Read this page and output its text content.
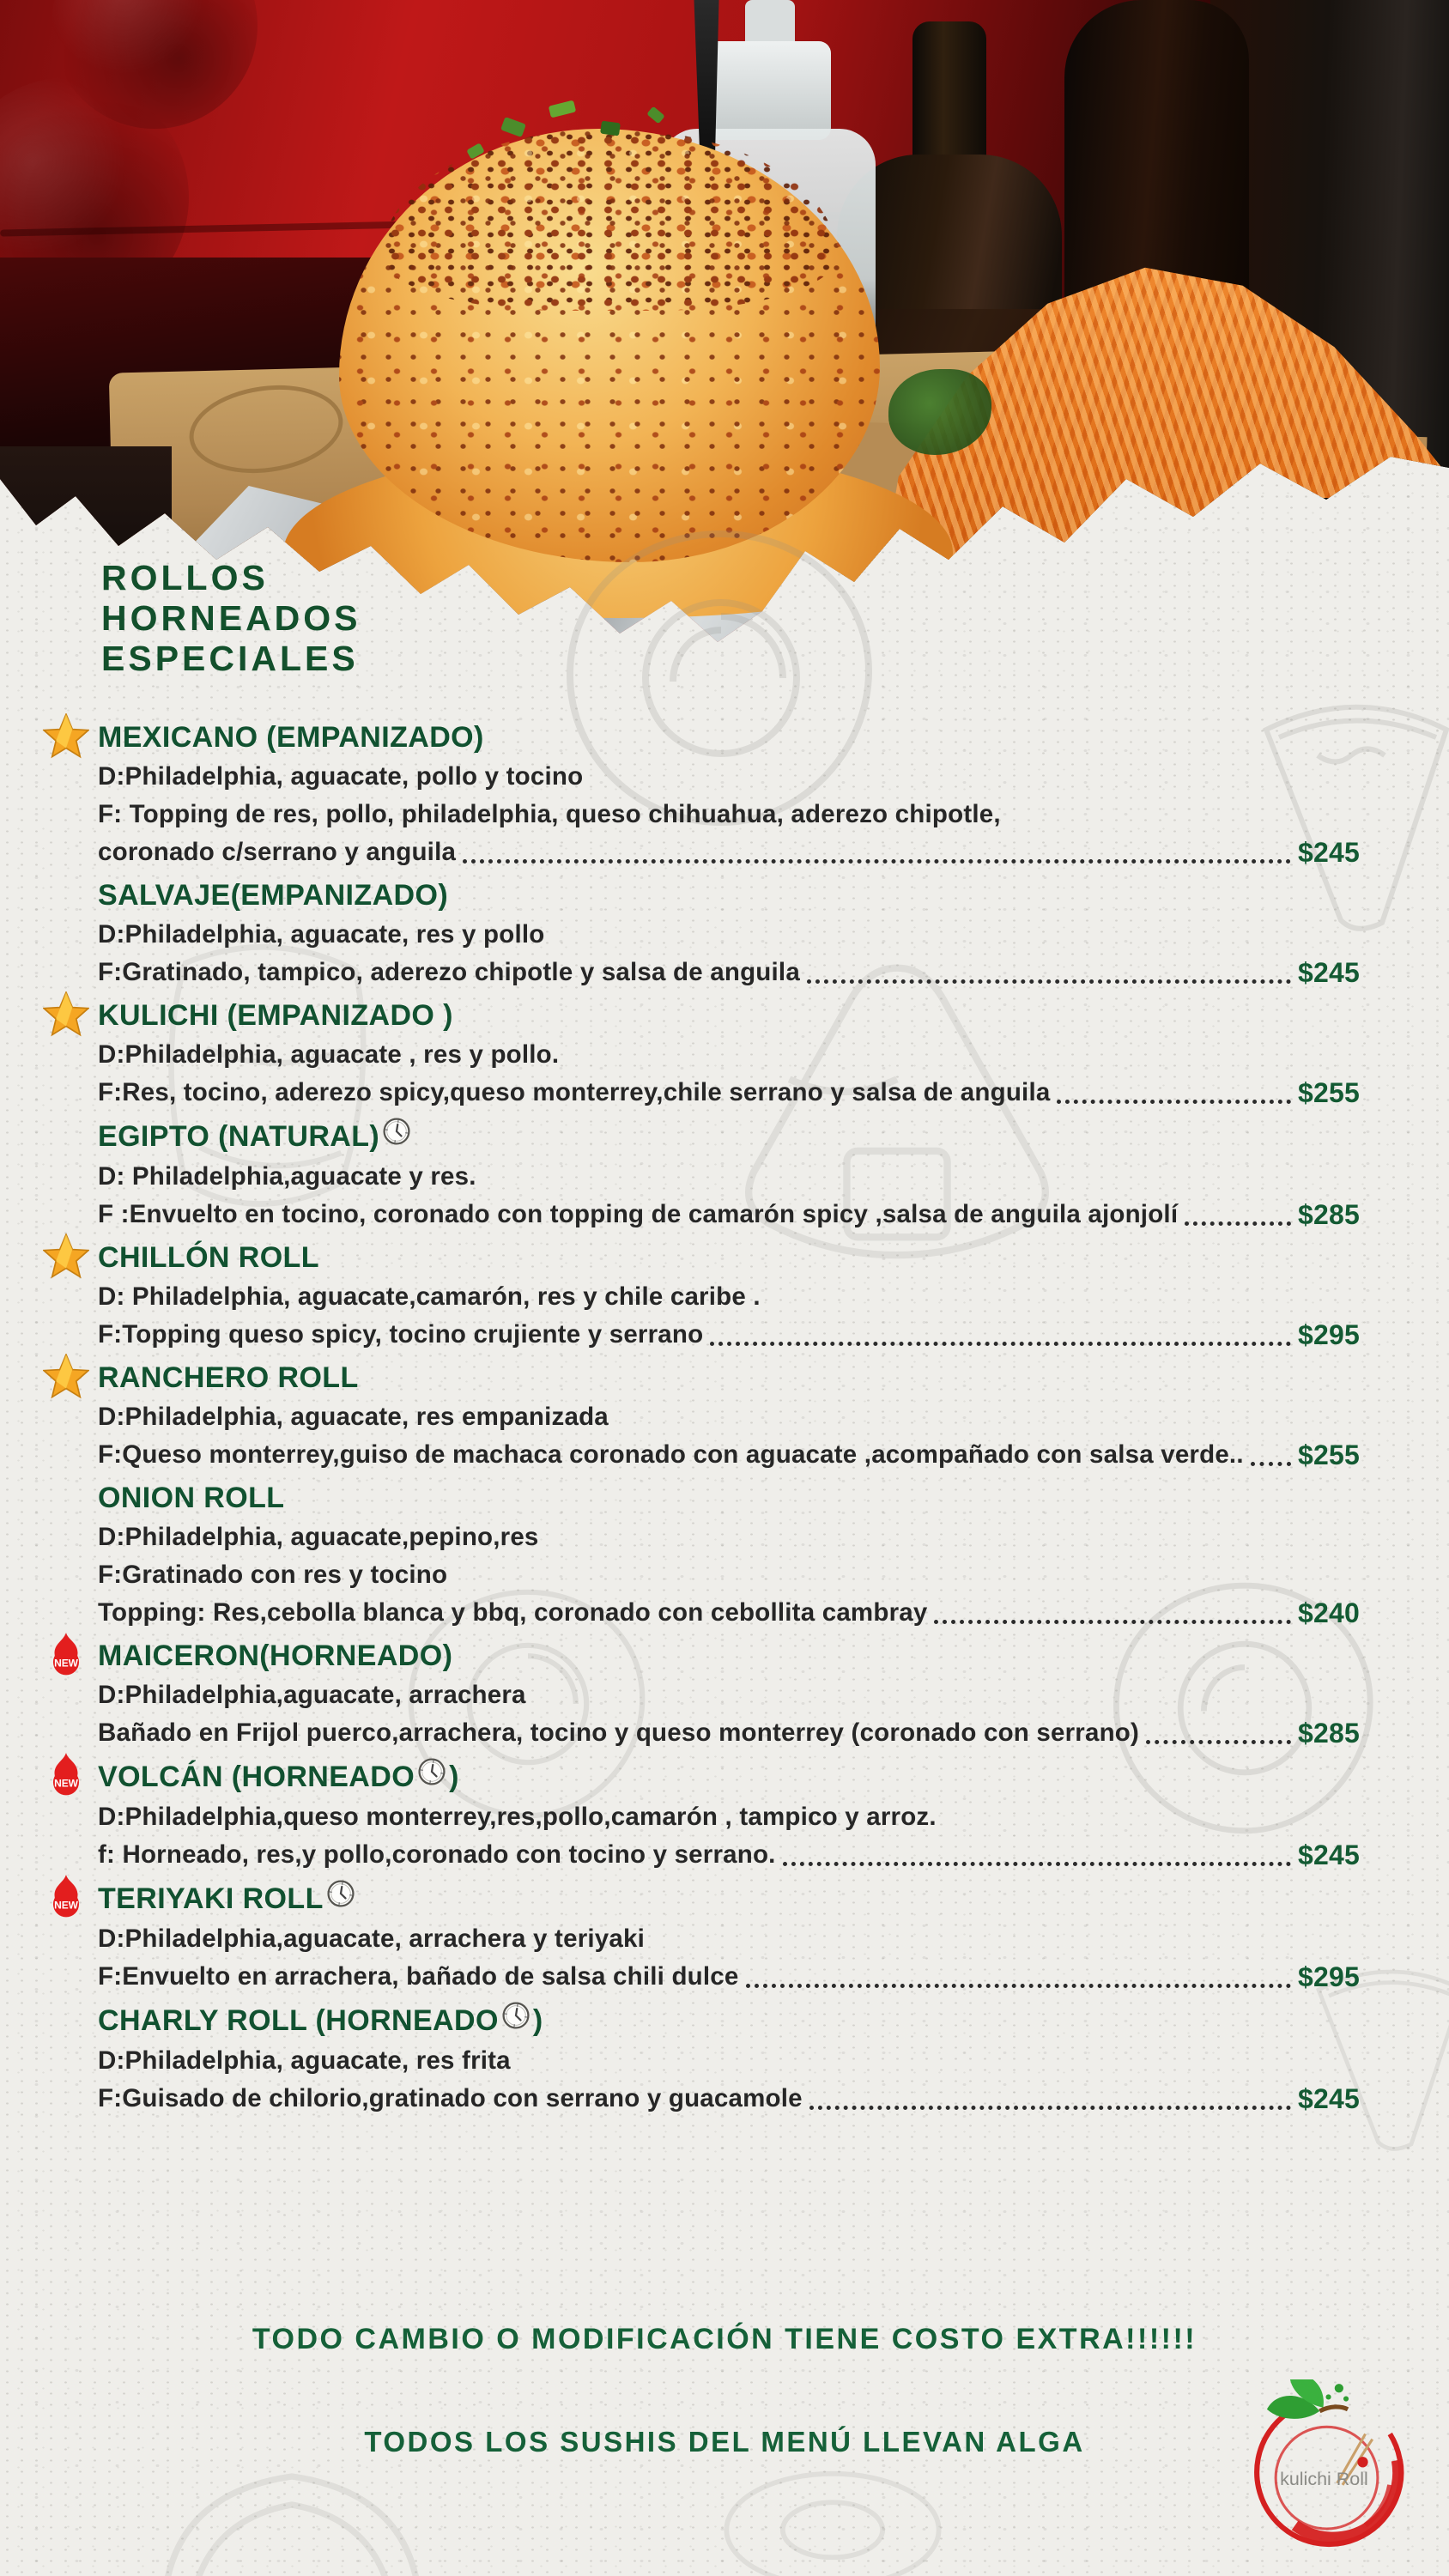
ROLLOS
HORNEADOS
ESPECIALES
MEXICANO (EMPANIZADO)
D:Philadelphia, aguacate, pollo y tocino
F: Topping de res, pollo, philadelphia, queso chihuahua, aderezo chipotle,
coronado c/serrano y anguila	$245
SALVAJE(EMPANIZADO)
D:Philadelphia, aguacate, res y pollo
F:Gratinado, tampico, aderezo chipotle y salsa de anguila	$245
KULICHI (EMPANIZADO )
D:Philadelphia, aguacate , res y pollo.
F:Res, tocino, aderezo spicy,queso monterrey,chile serrano y salsa de anguila	$255
EGIPTO (NATURAL)
D: Philadelphia,aguacate y res.
F :Envuelto en tocino, coronado con topping de camarón spicy ,salsa de anguila ajonjolí	$285
CHILLÓN ROLL
D: Philadelphia, aguacate,camarón, res y chile caribe .
F:Topping queso spicy, tocino crujiente y serrano	$295
RANCHERO ROLL
D:Philadelphia, aguacate, res empanizada
F:Queso monterrey,guiso de machaca coronado con aguacate ,acompañado con salsa verde.. $255
ONION ROLL
D:Philadelphia, aguacate,pepino,res
F:Gratinado con res y tocino
Topping: Res,cebolla blanca y bbq, coronado con cebollita cambray	$240
NEW MAICERON(HORNEADO)
D:Philadelphia,aguacate, arrachera
Bañado en Frijol puerco,arrachera, tocino y queso monterrey (coronado con serrano)	$285
NEW VOLCÁN (HORNEADO )
D:Philadelphia,queso monterrey,res,pollo,camarón , tampico y arroz.
f: Horneado, res,y pollo,coronado con tocino y serrano.	$245
NEW TERIYAKI ROLL
D:Philadelphia,aguacate, arrachera y teriyaki
F:Envuelto en arrachera, bañado de salsa chili dulce	$295
CHARLY ROLL (HORNEADO )
D:Philadelphia, aguacate, res frita
F:Guisado de chilorio,gratinado con serrano y guacamole	$245
TODO CAMBIO O MODIFICACIÓN TIENE COSTO EXTRA!!!!!!
TODOS LOS SUSHIS DEL MENÚ LLEVAN ALGA
kulichi Roll
